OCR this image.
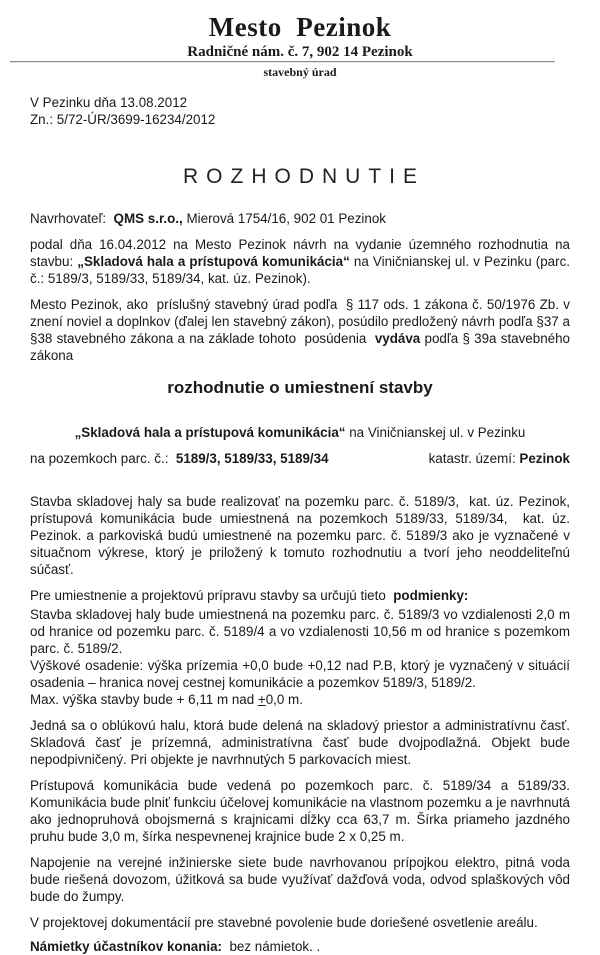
Mesto  Pezinok
Radničné nám. č. 7, 902 14 Pezinok
stavebný úrad
V Pezinku dňa 13.08.2012
Zn.: 5/72-ÚR/3699-16234/2012
ROZHODNUTIE

Navrhovateľ:  QMS s.r.o., Mierová 1754/16, 902 01 Pezinok

podal dňa 16.04.2012 na Mesto Pezinok návrh na vydanie územného rozhodnutia na stavbu: „Skladová hala a prístupová komunikácia“ na Viničnianskej ul. v Pezinku (parc. č.: 5189/3, 5189/33, 5189/34, kat. úz. Pezinok).

Mesto Pezinok, ako  príslušný stavebný úrad podľa  § 117 ods. 1 zákona č. 50/1976 Zb. v znení noviel a doplnkov (ďalej len stavebný zákon), posúdilo predložený návrh podľa §37 a §38 stavebného zákona a na základe tohoto  posúdenia  vydáva podľa § 39a stavebného zákona

rozhodnutie o umiestnení stavby
„Skladová hala a prístupová komunikácia“ na Viničnianskej ul. v Pezinku
na pozemkoch parc. č.:  5189/3, 5189/33, 5189/34	katastr. území: Pezinok

Stavba skladovej haly sa bude realizovať na pozemku parc. č. 5189/3,  kat. úz. Pezinok, prístupová komunikácia bude umiestnená na pozemkoch 5189/33, 5189/34,  kat. úz. Pezinok. a parkoviská budú umiestnené na pozemku parc. č. 5189/3 ako je vyznačené v situačnom výkrese, ktorý je priložený k tomuto rozhodnutiu a tvorí jeho neoddeliteľnú súčasť.

Pre umiestnenie a projektovú prípravu stavby sa určujú tieto  podmienky:

Stavba skladovej haly bude umiestnená na pozemku parc. č. 5189/3 vo vzdialenosti 2,0 m od hranice od pozemku parc. č. 5189/4 a vo vzdialenosti 10,56 m od hranice s pozemkom parc. č. 5189/2.
Výškové osadenie: výška prízemia +0,0 bude +0,12 nad P.B, ktorý je vyznačený v situácií osadenia – hranica novej cestnej komunikácie a pozemkov 5189/3, 5189/2.
Max. výška stavby bude + 6,11 m nad +0,0 m.

Jedná sa o oblúkovú halu, ktorá bude delená na skladový priestor a administratívnu časť. Skladová časť je prízemná, administratívna časť bude dvojpodlažná. Objekt bude nepodpivničený. Pri objekte je navrhnutých 5 parkovacích miest.

Prístupová komunikácia bude vedená po pozemkoch parc. č. 5189/34 a 5189/33. Komunikácia bude plniť funkciu účelovej komunikácie na vlastnom pozemku a je navrhnutá ako jednopruhová obojsmerná s krajnicami dĺžky cca 63,7 m. Šírka priameho jazdného pruhu bude 3,0 m, šírka nespevnenej krajnice bude 2 x 0,25 m.

Napojenie na verejné inžinierske siete bude navrhovanou prípojkou elektro, pitná voda bude riešená dovozom, úžitková sa bude využívať dažďová voda, odvod splaškových vôd bude do žumpy.

V projektovej dokumentácií pre stavebné povolenie bude doriešené osvetlenie areálu.

Námietky účastníkov konania:  bez námietok. .
